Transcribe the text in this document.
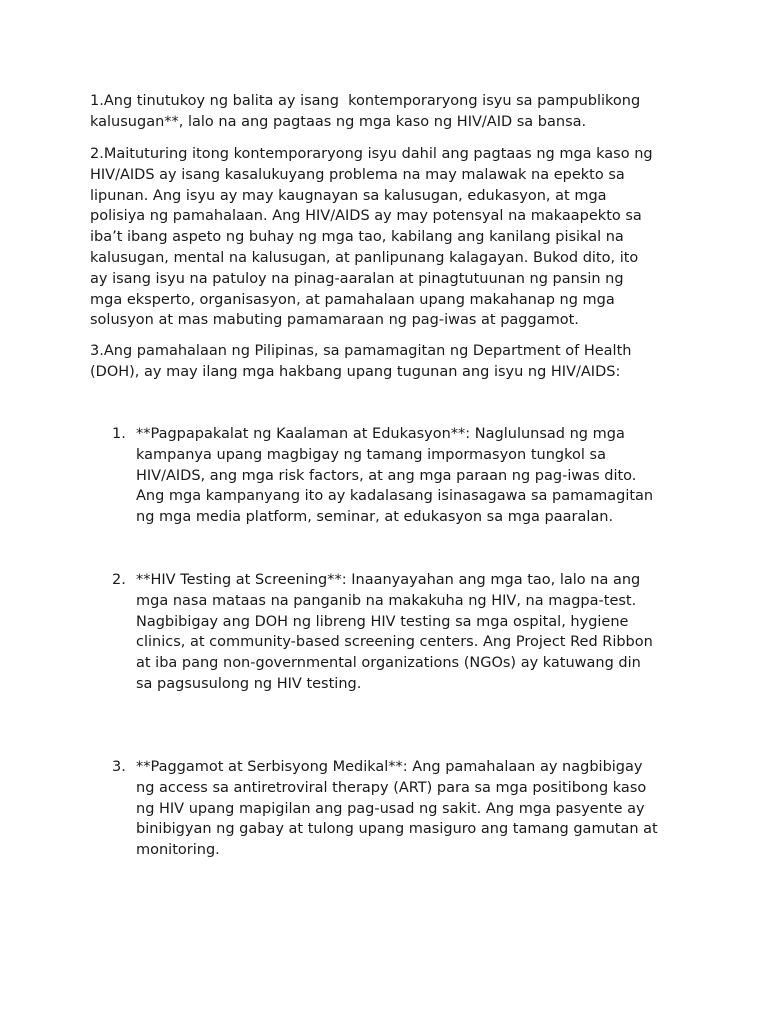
1.Ang tinutukoy ng balita ay isang  kontemporaryong isyu sa pampublikong
kalusugan**, lalo na ang pagtaas ng mga kaso ng HIV/AID sa bansa.

2.Maituturing itong kontemporaryong isyu dahil ang pagtaas ng mga kaso ng
HIV/AIDS ay isang kasalukuyang problema na may malawak na epekto sa
lipunan. Ang isyu ay may kaugnayan sa kalusugan, edukasyon, at mga
polisiya ng pamahalaan. Ang HIV/AIDS ay may potensyal na makaapekto sa
iba’t ibang aspeto ng buhay ng mga tao, kabilang ang kanilang pisikal na
kalusugan, mental na kalusugan, at panlipunang kalagayan. Bukod dito, ito
ay isang isyu na patuloy na pinag-aaralan at pinagtutuunan ng pansin ng
mga eksperto, organisasyon, at pamahalaan upang makahanap ng mga
solusyon at mas mabuting pamamaraan ng pag-iwas at paggamot.

3.Ang pamahalaan ng Pilipinas, sa pamamagitan ng Department of Health
(DOH), ay may ilang mga hakbang upang tugunan ang isyu ng HIV/AIDS:

1. **Pagpapakalat ng Kaalaman at Edukasyon**: Naglulunsad ng mga
kampanya upang magbigay ng tamang impormasyon tungkol sa
HIV/AIDS, ang mga risk factors, at ang mga paraan ng pag-iwas dito.
Ang mga kampanyang ito ay kadalasang isinasagawa sa pamamagitan
ng mga media platform, seminar, at edukasyon sa mga paaralan.
2. **HIV Testing at Screening**: Inaanyayahan ang mga tao, lalo na ang
mga nasa mataas na panganib na makakuha ng HIV, na magpa-test.
Nagbibigay ang DOH ng libreng HIV testing sa mga ospital, hygiene
clinics, at community-based screening centers. Ang Project Red Ribbon
at iba pang non-governmental organizations (NGOs) ay katuwang din
sa pagsusulong ng HIV testing.
3. **Paggamot at Serbisyong Medikal**: Ang pamahalaan ay nagbibigay
ng access sa antiretroviral therapy (ART) para sa mga positibong kaso
ng HIV upang mapigilan ang pag-usad ng sakit. Ang mga pasyente ay
binibigyan ng gabay at tulong upang masiguro ang tamang gamutan at
monitoring.
